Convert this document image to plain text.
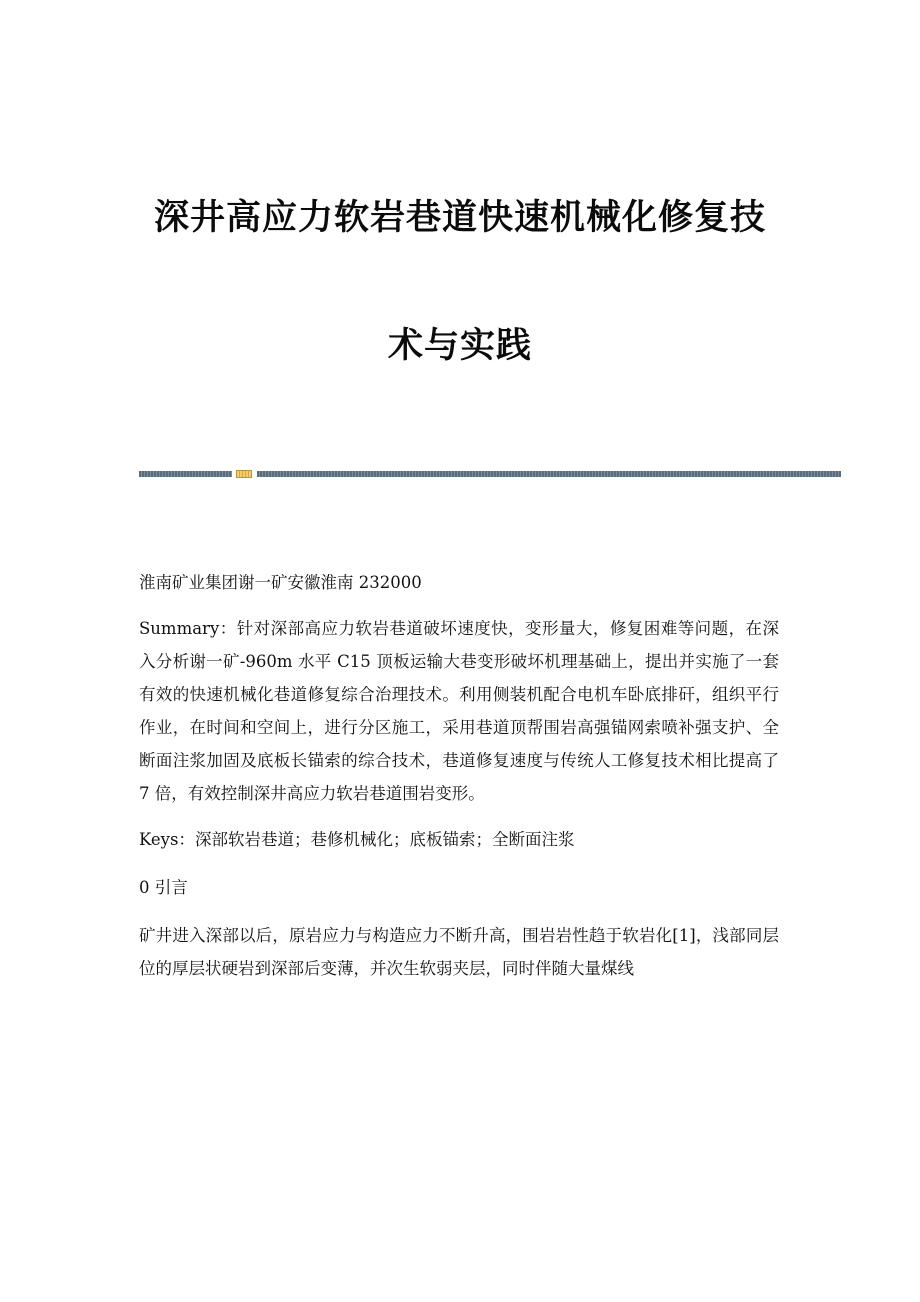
深井高应力软岩巷道快速机械化修复技
术与实践

淮南矿业集团谢一矿安徽淮南 232000

Summary：针对深部高应力软岩巷道破坏速度快，变形量大，修复困难等问题，在深入分析谢一矿-960m 水平 C15 顶板运输大巷变形破坏机理基础上，提出并实施了一套有效的快速机械化巷道修复综合治理技术。利用侧装机配合电机车卧底排矸，组织平行作业，在时间和空间上，进行分区施工，采用巷道顶帮围岩高强锚网索喷补强支护、全断面注浆加固及底板长锚索的综合技术，巷道修复速度与传统人工修复技术相比提高了 7 倍，有效控制深井高应力软岩巷道围岩变形。

Keys：深部软岩巷道；巷修机械化；底板锚索；全断面注浆

0 引言

矿井进入深部以后，原岩应力与构造应力不断升高，围岩岩性趋于软岩化[1]，浅部同层位的厚层状硬岩到深部后变薄，并次生软弱夹层，同时伴随大量煤线
